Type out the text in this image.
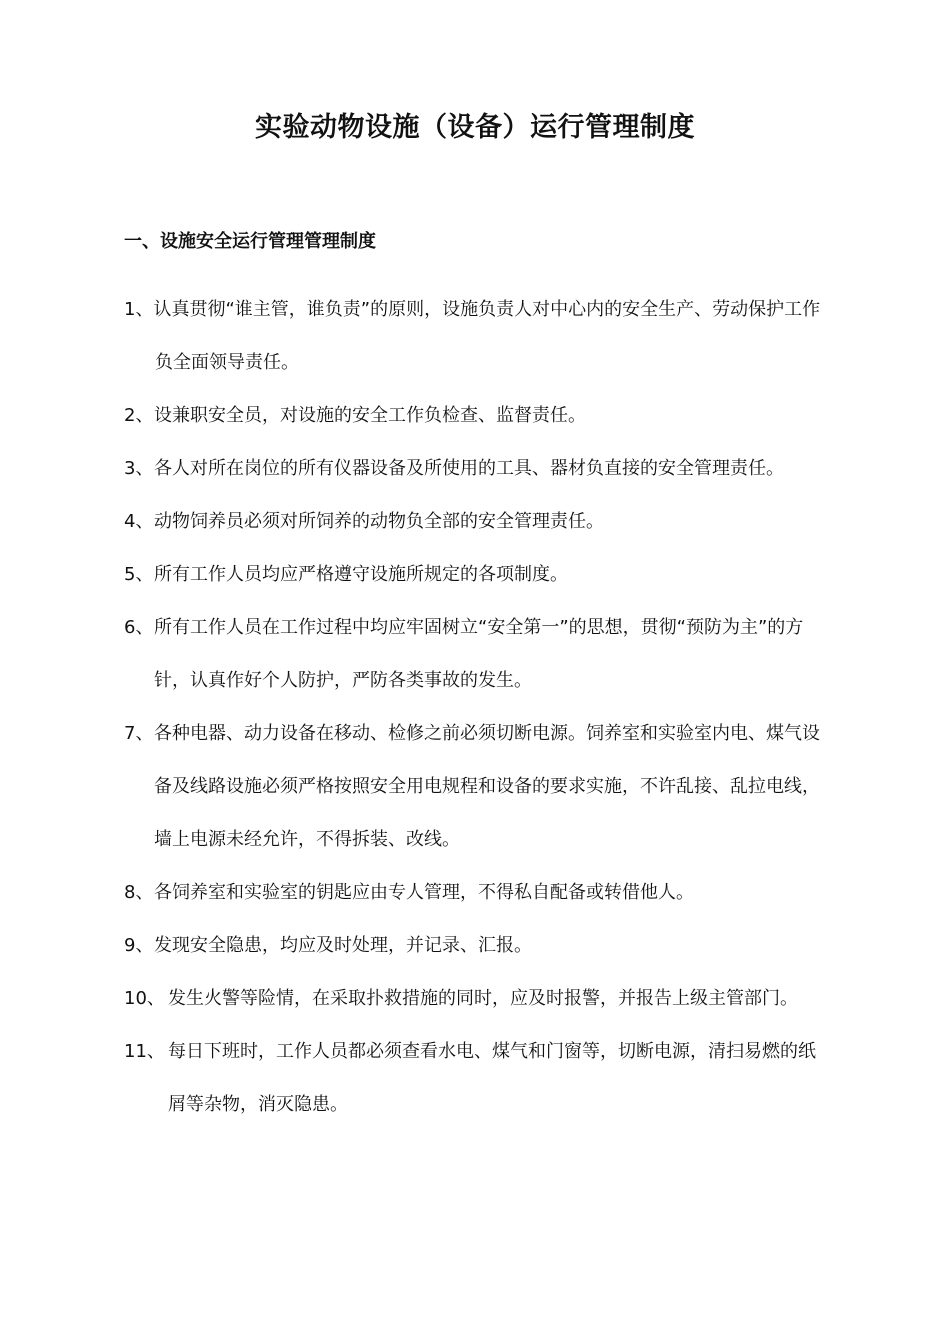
实验动物设施（设备）运行管理制度
一、设施安全运行管理管理制度

1、认真贯彻“谁主管，谁负责”的原则，设施负责人对中心内的安全生产、劳动保护工作负全面领导责任。

2、 设兼职安全员，对设施的安全工作负检查、监督责任。

3、 各人对所在岗位的所有仪器设备及所使用的工具、器材负直接的安全管理责任。

4、 动物饲养员必须对所饲养的动物负全部的安全管理责任。

5、 所有工作人员均应严格遵守设施所规定的各项制度。

6、 所有工作人员在工作过程中均应牢固树立“安全第一”的思想，贯彻“预防为主”的方针，认真作好个人防护，严防各类事故的发生。

7、 各种电器、动力设备在移动、检修之前必须切断电源。饲养室和实验室内电、煤气设备及线路设施必须严格按照安全用电规程和设备的要求实施，不许乱接、乱拉电线，墙上电源未经允许，不得拆装、改线。

8、 各饲养室和实验室的钥匙应由专人管理，不得私自配备或转借他人。

9、 发现安全隐患，均应及时处理，并记录、汇报。

10、 发生火警等险情，在采取扑救措施的同时，应及时报警，并报告上级主管部门。

11、 每日下班时，工作人员都必须查看水电、煤气和门窗等，切断电源，清扫易燃的纸屑等杂物，消灭隐患。
